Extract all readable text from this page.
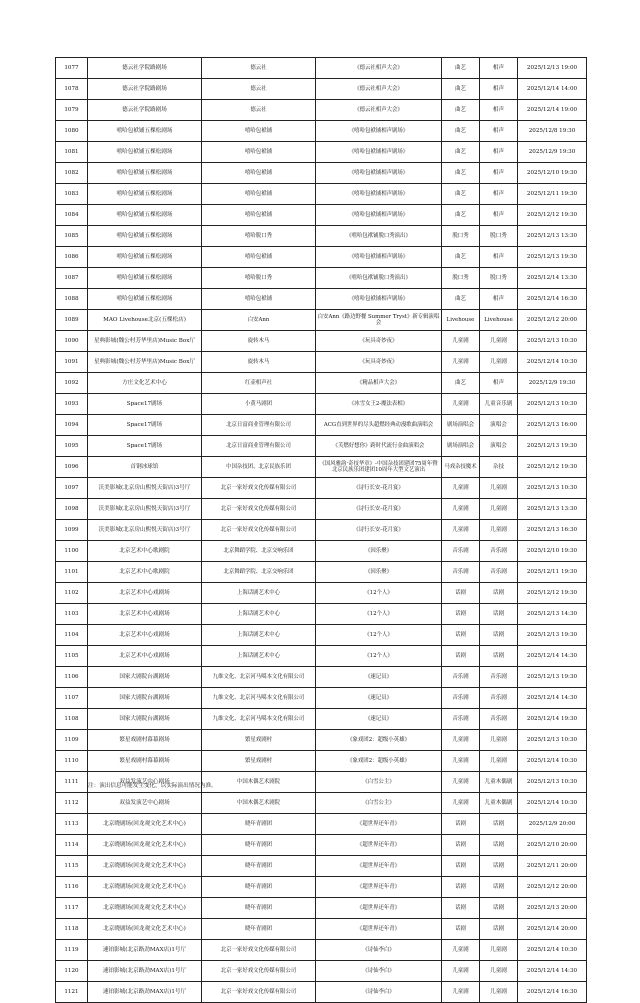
1077	德云社学院路剧场	德云社	《德云社相声大会》	曲艺	相声	2025/12/13 19:00
1078	德云社学院路剧场	德云社	《德云社相声大会》	曲艺	相声	2025/12/14 14:00
1079	德云社学院路剧场	德云社	《德云社相声大会》	曲艺	相声	2025/12/14 19:00
1080	嘻哈包袱铺五棵松剧场	嘻哈包袱铺	《嘻哈包袱铺相声剧场》	曲艺	相声	2025/12/8 19:30
1081	嘻哈包袱铺五棵松剧场	嘻哈包袱铺	《嘻哈包袱铺相声剧场》	曲艺	相声	2025/12/9 19:30
1082	嘻哈包袱铺五棵松剧场	嘻哈包袱铺	《嘻哈包袱铺相声剧场》	曲艺	相声	2025/12/10 19:30
1083	嘻哈包袱铺五棵松剧场	嘻哈包袱铺	《嘻哈包袱铺相声剧场》	曲艺	相声	2025/12/11 19:30
1084	嘻哈包袱铺五棵松剧场	嘻哈包袱铺	《嘻哈包袱铺相声剧场》	曲艺	相声	2025/12/12 19:30
1085	嘻哈包袱铺五棵松剧场	嘻哈脱口秀	《嘻哈包袱铺脱口秀演出》	脱口秀	脱口秀	2025/12/13 13:30
1086	嘻哈包袱铺五棵松剧场	嘻哈包袱铺	《嘻哈包袱铺相声剧场》	曲艺	相声	2025/12/13 19:30
1087	嘻哈包袱铺五棵松剧场	嘻哈脱口秀	《嘻哈包袱铺脱口秀演出》	脱口秀	脱口秀	2025/12/14 13:30
1088	嘻哈包袱铺五棵松剧场	嘻哈包袱铺	《嘻哈包袱铺相声剧场》	曲艺	相声	2025/12/14 16:30
1089	MAO Livehouse北京(五棵松店)	白安Ann	白安Ann《路边野餐 Summer Tryst》新专辑演唱会	Livehouse	Livehouse	2025/12/12 20:00
1090	星典影城(魏公村芳华里店)Music Box厅	旋转木马	《玩具奇妙夜》	儿童剧	儿童剧	2025/12/13 10:30
1091	星典影城(魏公村芳华里店)Music Box厅	旋转木马	《玩具奇妙夜》	儿童剧	儿童剧	2025/12/14 10:30
1092	方庄文化艺术中心	红壶相声社	《精品相声大会》	曲艺	相声	2025/12/9 19:30
1093	Space17剧场	小黄马剧团	《冰雪女王2-魔法表相》	儿童剧	儿童音乐剧	2025/12/13 10:30
1094	Space17剧场	北京日富商业管理有限公司	ACG直到世界的尽头超燃经典动漫歌曲演唱会	剧场演唱会	演唱会	2025/12/13 16:00
1095	Space17剧场	北京日富商业管理有限公司	《芙燃好想你》跨时代流行金曲演唱会	剧场演唱会	演唱会	2025/12/13 19:30
1096	首钢冰球馆	中国杂技团、北京民族乐团	《国风雅韵·奇技华章》-中国杂技团建团75周年暨北京民族乐团建团10周年大型文艺演出	马戏杂技魔术	杂技	2025/12/12 19:30
1097	沃美影城(北京房山熙悦天街店)3号厅	北京一家好戏文化传媒有限公司	《诗行长安-花月宴》	儿童剧	儿童剧	2025/12/13 10:30
1098	沃美影城(北京房山熙悦天街店)3号厅	北京一家好戏文化传媒有限公司	《诗行长安-花月宴》	儿童剧	儿童剧	2025/12/13 13:30
1099	沃美影城(北京房山熙悦天街店)3号厅	北京一家好戏文化传媒有限公司	《诗行长安-花月宴》	儿童剧	儿童剧	2025/12/13 16:30
1100	北京艺术中心歌剧院	北京舞蹈学院、北京交响乐团	《因乐聚》	音乐剧	音乐剧	2025/12/10 19:30
1101	北京艺术中心歌剧院	北京舞蹈学院、北京交响乐团	《因乐聚》	音乐剧	音乐剧	2025/12/11 19:30
1102	北京艺术中心戏剧场	上海话剧艺术中心	《12个人》	话剧	话剧	2025/12/12 19:30
1103	北京艺术中心戏剧场	上海话剧艺术中心	《12个人》	话剧	话剧	2025/12/13 14:30
1104	北京艺术中心戏剧场	上海话剧艺术中心	《12个人》	话剧	话剧	2025/12/13 19:30
1105	北京艺术中心戏剧场	上海话剧艺术中心	《12个人》	话剧	话剧	2025/12/14 14:30
1106	国家大剧院台湖剧场	九维文化、北京河马噶本文化有限公司	《速记员》	音乐剧	音乐剧	2025/12/13 19:30
1107	国家大剧院台湖剧场	九维文化、北京河马噶本文化有限公司	《速记员》	音乐剧	音乐剧	2025/12/14 14:30
1108	国家大剧院台湖剧场	九维文化、北京河马噶本文化有限公司	《速记员》	音乐剧	音乐剧	2025/12/14 19:30
1109	繁星戏剧村幕幕剧场	繁星戏剧村	《象戏团2：超级小英雄》	儿童剧	儿童剧	2025/12/13 10:30
1110	繁星戏剧村幕幕剧场	繁星戏剧村	《象戏团2：超级小英雄》	儿童剧	儿童剧	2025/12/14 10:30
1111	双益发演艺中心剧场	中国木偶艺术剧院	《白雪公主》	儿童剧	儿童木偶剧	2025/12/13 10:30
1112	双益发演艺中心剧场	中国木偶艺术剧院	《白雪公主》	儿童剧	儿童木偶剧	2025/12/14 10:30
1113	北京晓剧场(回龙观文化艺术中心)	晓年青剧团	《超世界还年青》	话剧	话剧	2025/12/9 20:00
1114	北京晓剧场(回龙观文化艺术中心)	晓年青剧团	《超世界还年青》	话剧	话剧	2025/12/10 20:00
1115	北京晓剧场(回龙观文化艺术中心)	晓年青剧团	《超世界还年青》	话剧	话剧	2025/12/11 20:00
1116	北京晓剧场(回龙观文化艺术中心)	晓年青剧团	《超世界还年青》	话剧	话剧	2025/12/12 20:00
1117	北京晓剧场(回龙观文化艺术中心)	晓年青剧团	《超世界还年青》	话剧	话剧	2025/12/13 20:00
1118	北京晓剧场(回龙观文化艺术中心)	晓年青剧团	《超世界还年青》	话剧	话剧	2025/12/14 20:00
1119	速铂影城(北京路劲MAX店)1号厅	北京一家好戏文化传媒有限公司	《诗仙李白》	儿童剧	儿童剧	2025/12/14 10:30
1120	速铂影城(北京路劲MAX店)1号厅	北京一家好戏文化传媒有限公司	《诗仙李白》	儿童剧	儿童剧	2025/12/14 14:30
1121	速铂影城(北京路劲MAX店)1号厅	北京一家好戏文化传媒有限公司	《诗仙李白》	儿童剧	儿童剧	2025/12/14 16:30
注：演出信息可能发生变化，以实际演出情况为准。
